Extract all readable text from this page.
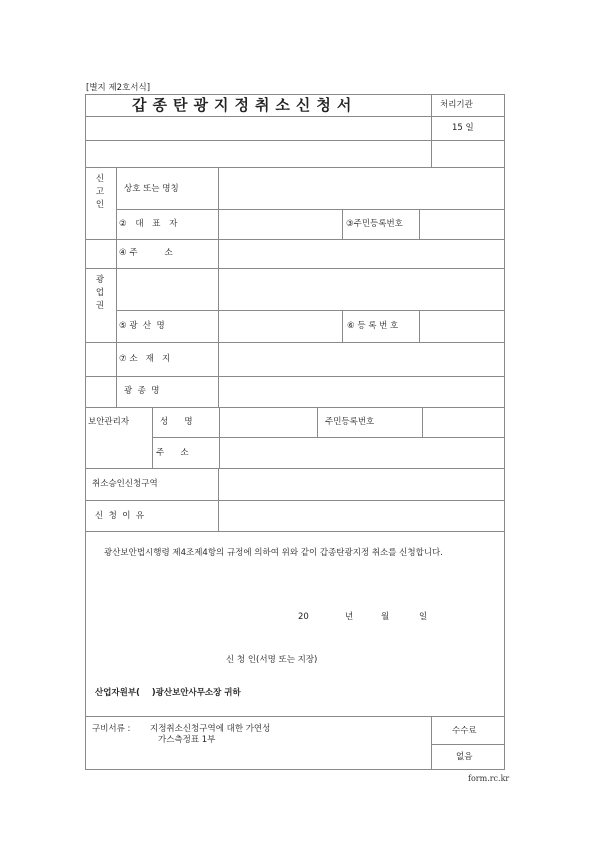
[별지 제2호서식]
갑종탄광지정취소신청서	처리기관
15 일
신고인
상호 또는 명칭
② 대 표 자	③주민등록번호
④ 주          소
광업권
⑤ 광  산  명	⑥ 등 록 번 호
⑦ 소   재   지
광  종  명
보안관리자	성      명	주민등록번호
주      소
취소승인신청구역
신  청  이  유
광산보안법시행령 제4조제4항의 규정에 의하여 위와 같이 갑종탄광지정 취소를 신청합니다.
20	년	월	일
신 청 인(서명 또는 지장)
산업자원부(    )광산보안사무소장 귀하
구비서류 : 지정취소신청구역에 대한 가연성
가스측정표 1부
수수료
없음
form.rc.kr
